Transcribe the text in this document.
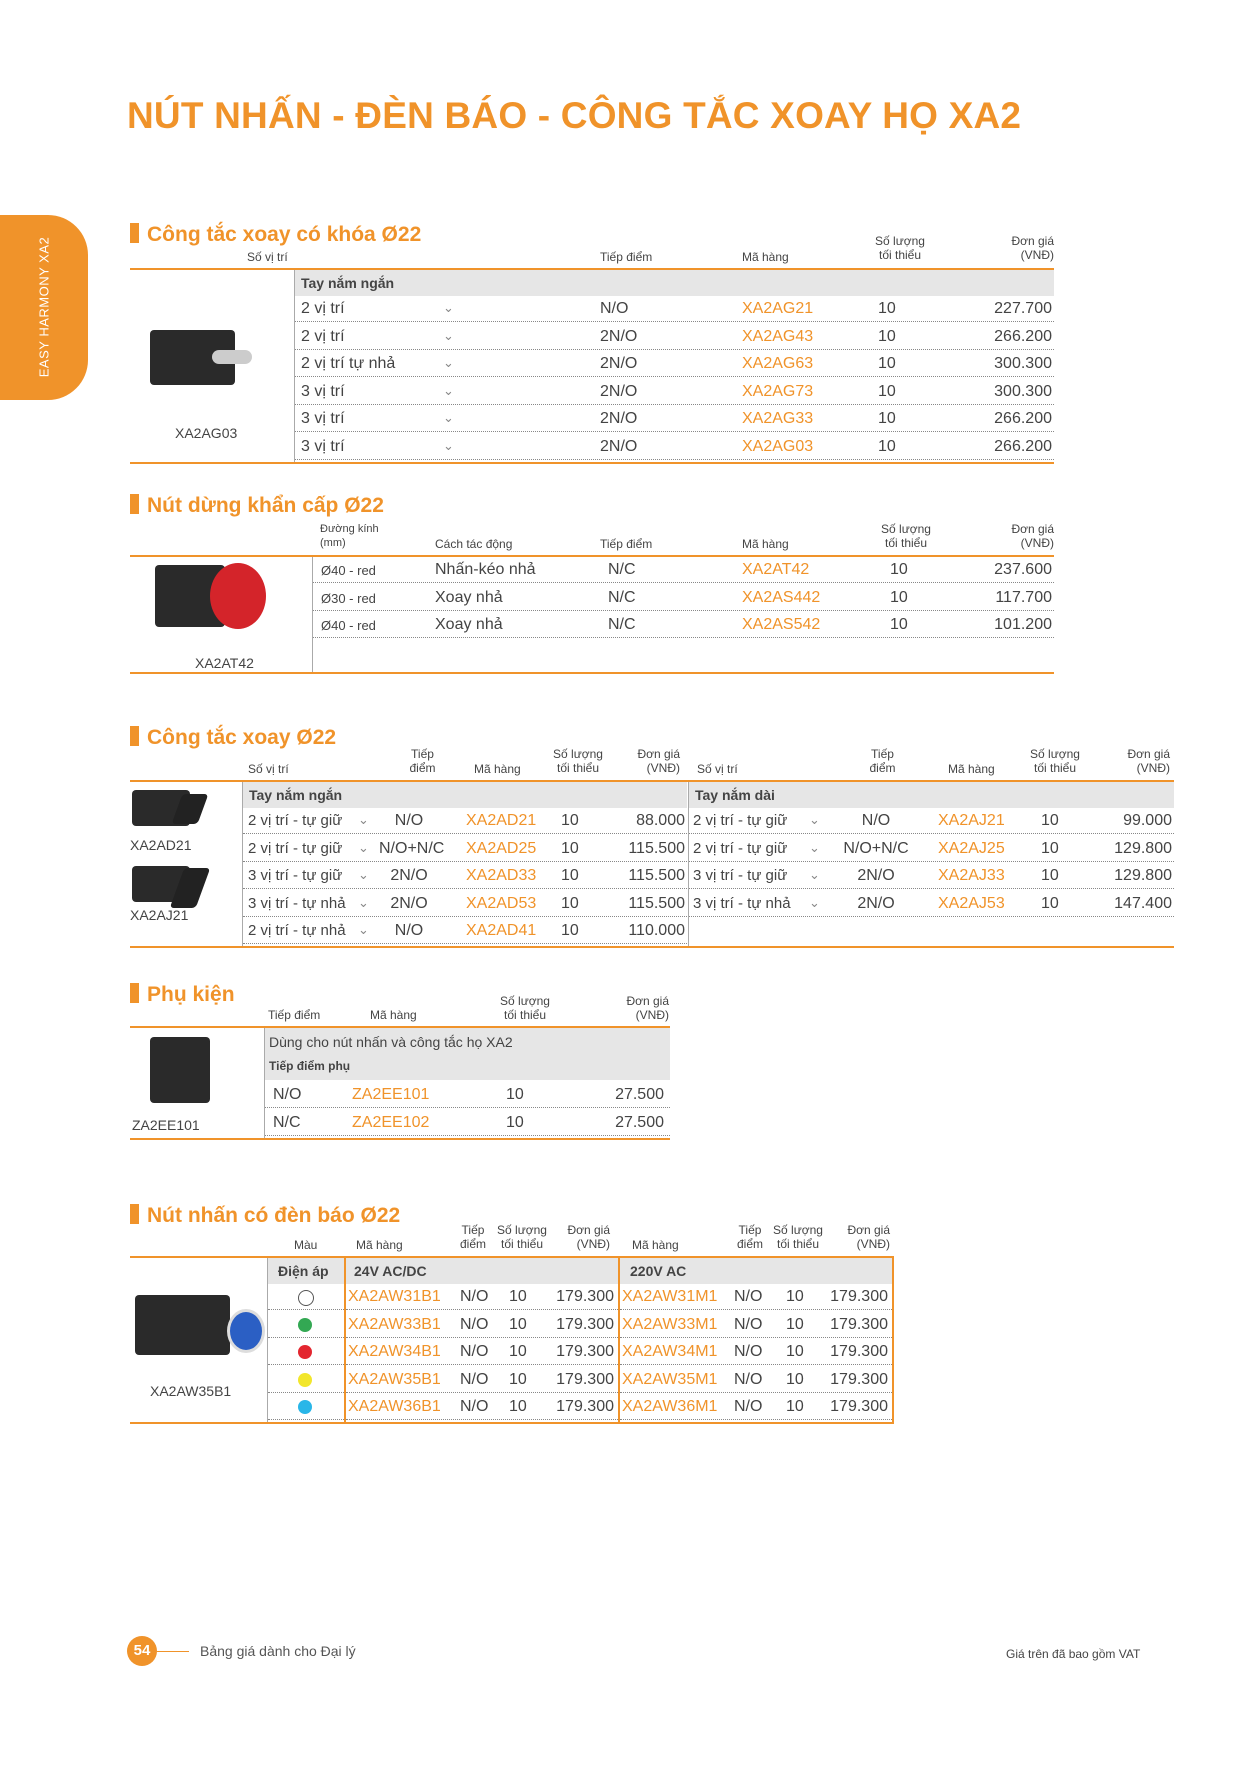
NÚT NHẤN - ĐÈN BÁO - CÔNG TẮC XOAY HỌ XA2
EASY HARMONY XA2
Công tắc xoay có khóa Ø22
Số vị trí	Tiếp điểm	Mã hàng
Số lượng
tối thiểu
Đơn giá
(VNĐ)
Tay nắm ngắn
XA2AG03
2 vị trí	⌄	N/O	XA2AG21	10	227.700
2 vị trí	⌄	2N/O	XA2AG43	10	266.200
2 vị trí tự nhả	⌄	2N/O	XA2AG63	10	300.300
3 vị trí	⌄	2N/O	XA2AG73	10	300.300
3 vị trí	⌄	2N/O	XA2AG33	10	266.200
3 vị trí	⌄	2N/O	XA2AG03	10	266.200
Nút dừng khẩn cấp Ø22
Đường kính
(mm)	Cách tác động	Tiếp điểm	Mã hàng
Số lượng
tối thiểu
Đơn giá
(VNĐ)
XA2AT42
Ø40 - red	Nhấn-kéo nhả	N/C	XA2AT42	10	237.600
Ø30 - red	Xoay nhả	N/C	XA2AS442	10	117.700
Ø40 - red	Xoay nhả	N/C	XA2AS542	10	101.200
Công tắc xoay Ø22
Số vị trí
Tiếp
điểm	Mã hàng
Số lượng
tối thiểu
Đơn giá
(VNĐ) Số vị trí
Tiếp
điểm	Mã hàng
Số lượng
tối thiểu
Đơn giá
(VNĐ)
Tay nắm ngắn	Tay nắm dài
XA2AD21
XA2AJ21
2 vị trí - tự giữ ⌄	N/O	XA2AD21 10	88.000
2 vị trí - tự giữ ⌄ N/O+N/C XA2AD25 10	115.500
3 vị trí - tự giữ ⌄	2N/O	XA2AD33 10	115.500
3 vị trí - tự nhả ⌄	2N/O	XA2AD53 10	115.500
2 vị trí - tự nhả ⌄	N/O	XA2AD41 10	110.000
2 vị trí - tự giữ ⌄	N/O	XA2AJ21 10	99.000
2 vị trí - tự giữ ⌄ N/O+N/C XA2AJ25 10	129.800
3 vị trí - tự giữ ⌄	2N/O	XA2AJ33 10	129.800
3 vị trí - tự nhả ⌄	2N/O	XA2AJ53 10	147.400
Phụ kiện
Tiếp điểm	Mã hàng
Số lượng
tối thiểu
Đơn giá
(VNĐ)
Dùng cho nút nhấn và công tắc họ XA2
Tiếp điểm phụ
ZA2EE101
N/O	ZA2EE101	10	27.500
N/C	ZA2EE102	10	27.500
Nút nhấn có đèn báo Ø22
Màu	Mã hàng
Tiếp
điểm
Số lượng
tối thiểu
Đơn giá
(VNĐ) Mã hàng
Tiếp
điểm
Số lượng
tối thiểu
Đơn giá
(VNĐ)
Điện áp	24V AC/DC	220V AC
XA2AW35B1
XA2AW31B1 N/O 10 179.300 XA2AW31M1 N/O 10 179.300
XA2AW33B1 N/O 10 179.300 XA2AW33M1 N/O 10 179.300
XA2AW34B1 N/O 10 179.300 XA2AW34M1 N/O 10 179.300
XA2AW35B1 N/O 10 179.300 XA2AW35M1 N/O 10 179.300
XA2AW36B1 N/O 10 179.300 XA2AW36M1 N/O 10 179.300
54	Bảng giá dành cho Đại lý	Giá trên đã bao gồm VAT
